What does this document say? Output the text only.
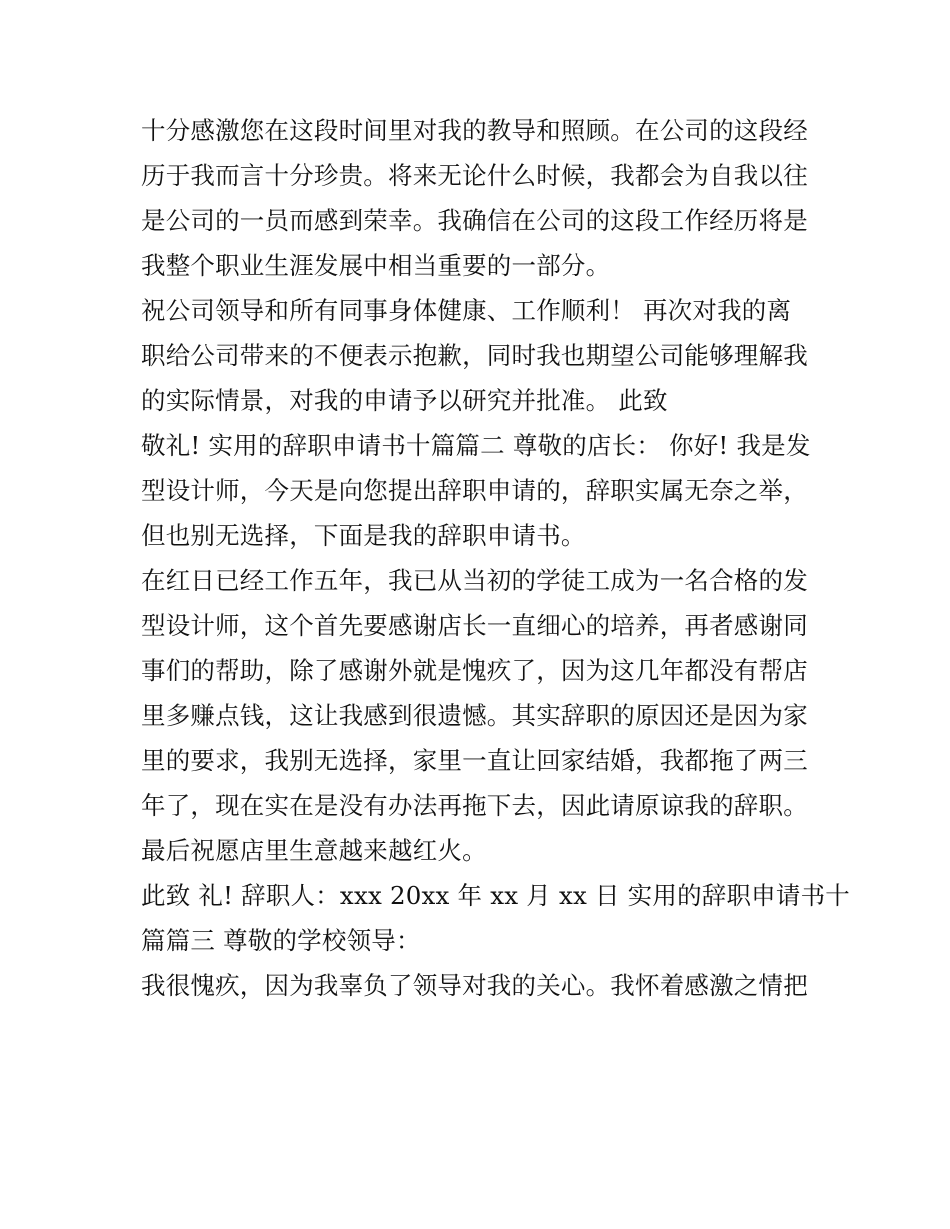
十分感激您在这段时间里对我的教导和照顾。在公司的这段经
历于我而言十分珍贵。将来无论什么时候，我都会为自我以往
是公司的一员而感到荣幸。我确信在公司的这段工作经历将是
我整个职业生涯发展中相当重要的一部分。
祝公司领导和所有同事身体健康、工作顺利！ 再次对我的离
职给公司带来的不便表示抱歉，同时我也期望公司能够理解我
的实际情景，对我的申请予以研究并批准。 此致
敬礼! 实用的辞职申请书十篇篇二 尊敬的店长： 你好! 我是发
型设计师，今天是向您提出辞职申请的，辞职实属无奈之举，
但也别无选择，下面是我的辞职申请书。
在红日已经工作五年，我已从当初的学徒工成为一名合格的发
型设计师，这个首先要感谢店长一直细心的培养，再者感谢同
事们的帮助，除了感谢外就是愧疚了，因为这几年都没有帮店
里多赚点钱，这让我感到很遗憾。其实辞职的原因还是因为家
里的要求，我别无选择，家里一直让回家结婚，我都拖了两三
年了，现在实在是没有办法再拖下去，因此请原谅我的辞职。
最后祝愿店里生意越来越红火。
此致 礼! 辞职人：xxx 20xx 年 xx 月 xx 日 实用的辞职申请书十
篇篇三 尊敬的学校领导：
我很愧疚，因为我辜负了领导对我的关心。我怀着感激之情把
